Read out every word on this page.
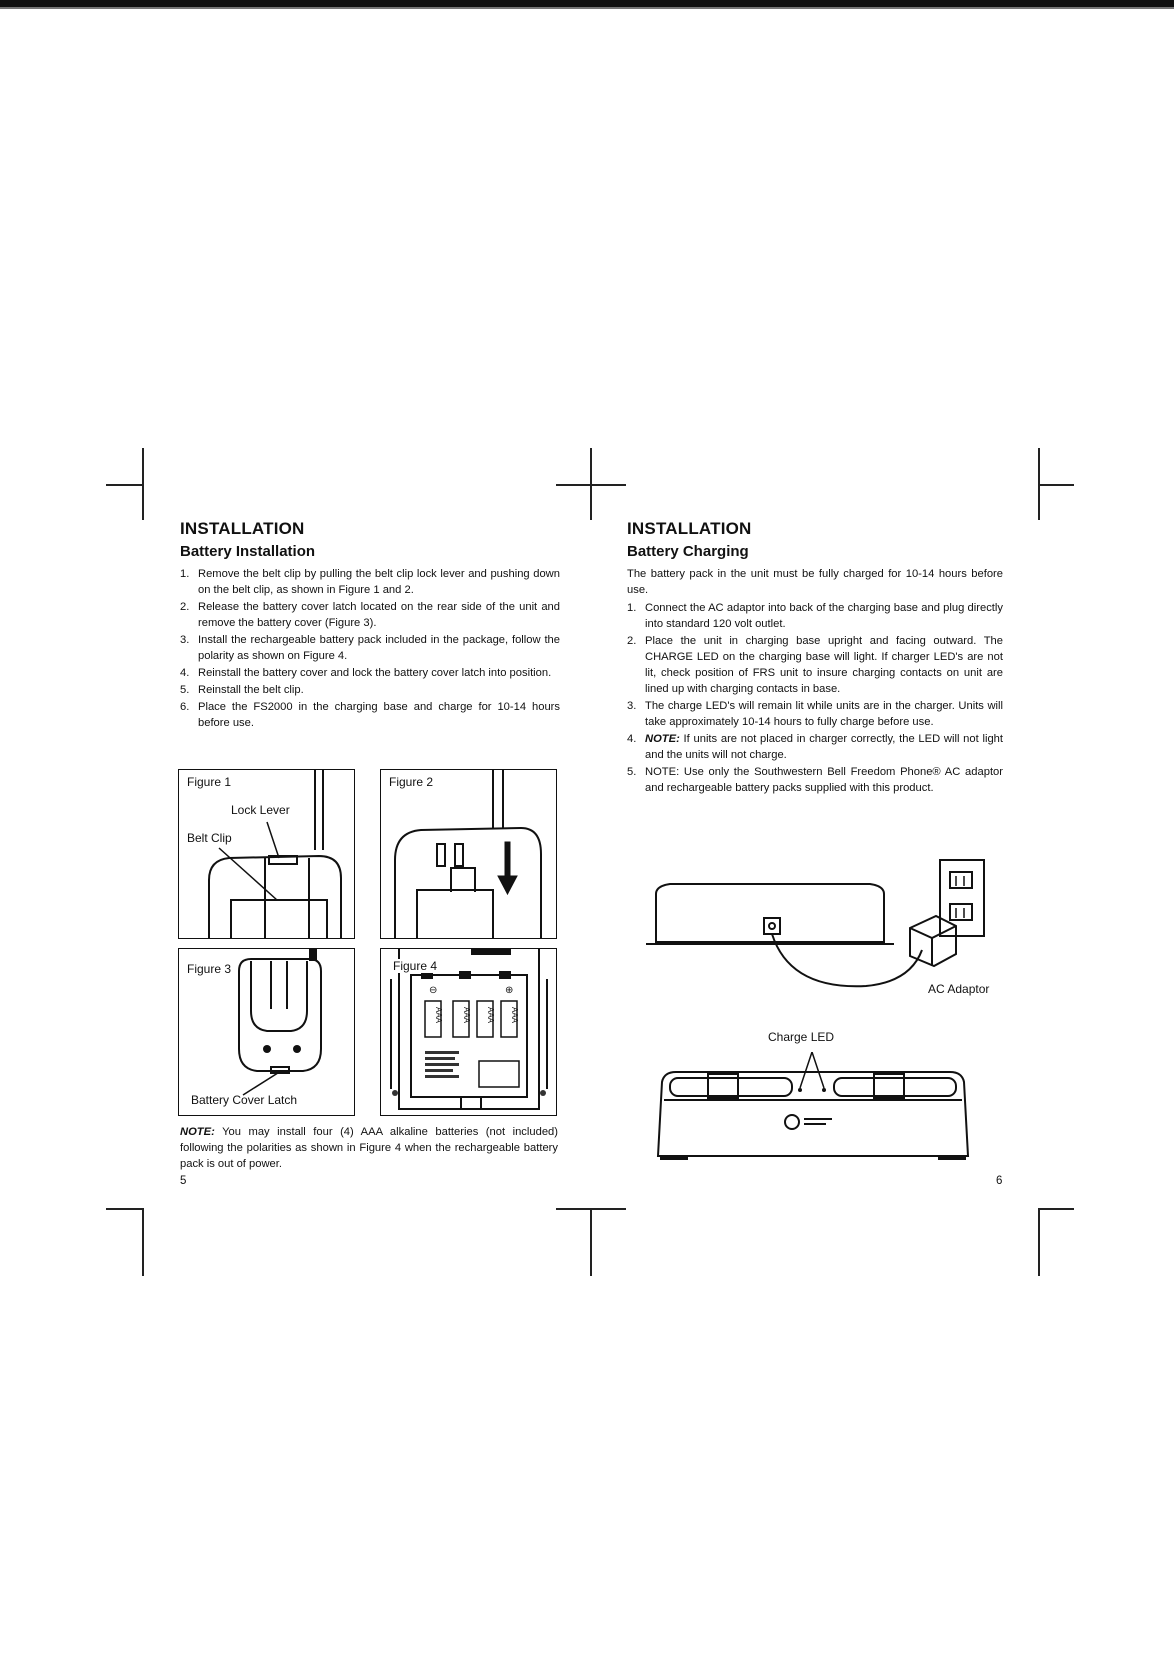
INSTALLATION
Battery Installation
1. Remove the belt clip by pulling the belt clip lock lever and pushing down on the belt clip, as shown in Figure 1 and 2.
2. Release the battery cover latch located on the rear side of the unit and remove the battery cover (Figure 3).
3. Install the rechargeable battery pack included in the package, follow the polarity as shown on Figure 4.
4. Reinstall the battery cover and lock the battery cover latch into position.
5. Reinstall the belt clip.
6. Place the FS2000 in the charging base and charge for 10-14 hours before use.
Figure 1
Lock Lever
Belt Clip
Figure 2
Figure 3
Battery Cover Latch
⊖	⊕
AAA AAA AAA AAA
Figure 4
NOTE: You may install four (4) AAA alkaline batteries (not included) following the polarities as shown in Figure 4 when the rechargeable battery pack is out of power.
5
INSTALLATION
Battery Charging

The battery pack in the unit must be fully charged for 10-14 hours before use.

1. Connect the AC adaptor into back of the charging base and plug directly into standard 120 volt outlet.
2. Place the unit in charging base upright and facing outward. The CHARGE LED on the charging base will light. If charger LED's are not lit, check position of FRS unit to insure charging contacts on unit are lined up with charging contacts in base.
3. The charge LED's will remain lit while units are in the charger. Units will take approximately 10-14 hours to fully charge before use.
4. NOTE: If units are not placed in charger correctly, the LED will not light and the units will not charge.
5. NOTE: Use only the Southwestern Bell Freedom Phone® AC adaptor and rechargeable battery packs supplied with this product.
AC Adaptor
Charge LED
6
